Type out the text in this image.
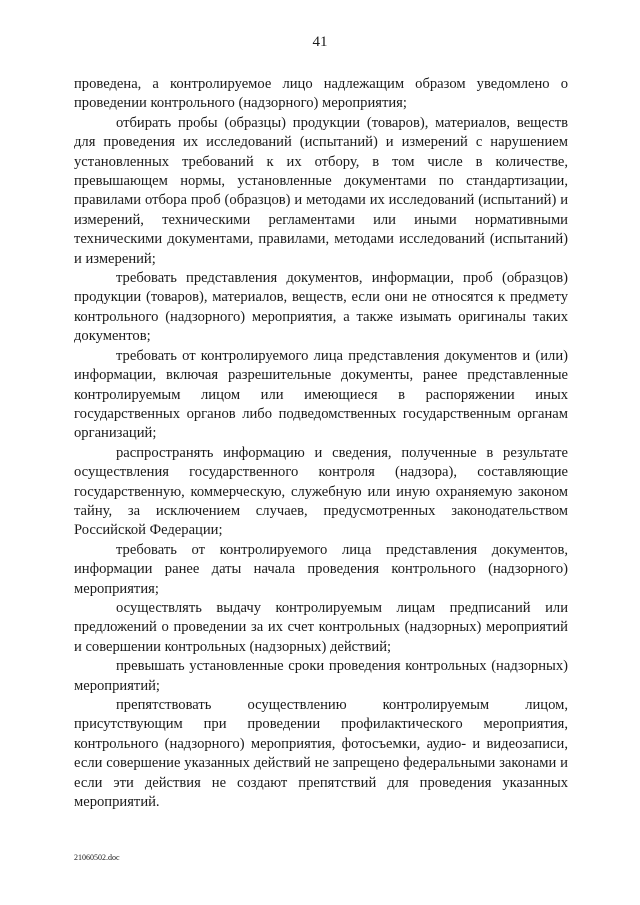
41

проведена, а контролируемое лицо надлежащим образом уведомлено о проведении контрольного (надзорного) мероприятия;

отбирать пробы (образцы) продукции (товаров), материалов, веществ для проведения их исследований (испытаний) и измерений с нарушением установленных требований к их отбору, в том числе в количестве, превышающем нормы, установленные документами по стандартизации, правилами отбора проб (образцов) и методами их исследований (испытаний) и измерений, техническими регламентами или иными нормативными техническими документами, правилами, методами исследований (испытаний) и измерений;

требовать представления документов, информации, проб (образцов) продукции (товаров), материалов, веществ, если они не относятся к предмету контрольного (надзорного) мероприятия, а также изымать оригиналы таких документов;

требовать от контролируемого лица представления документов и (или) информации, включая разрешительные документы, ранее представленные контролируемым лицом или имеющиеся в распоряжении иных государственных органов либо подведомственных государственным органам организаций;

распространять информацию и сведения, полученные в результате осуществления государственного контроля (надзора), составляющие государственную, коммерческую, служебную или иную охраняемую законом тайну, за исключением случаев, предусмотренных законодательством Российской Федерации;

требовать от контролируемого лица представления документов, информации ранее даты начала проведения контрольного (надзорного) мероприятия;

осуществлять выдачу контролируемым лицам предписаний или предложений о проведении за их счет контрольных (надзорных) мероприятий и совершении контрольных (надзорных) действий;

превышать установленные сроки проведения контрольных (надзорных) мероприятий;

препятствовать осуществлению контролируемым лицом, присутствующим при проведении профилактического мероприятия, контрольного (надзорного) мероприятия, фотосъемки, аудио- и видеозаписи, если совершение указанных действий не запрещено федеральными законами и если эти действия не создают препятствий для проведения указанных мероприятий.

21060502.doc
